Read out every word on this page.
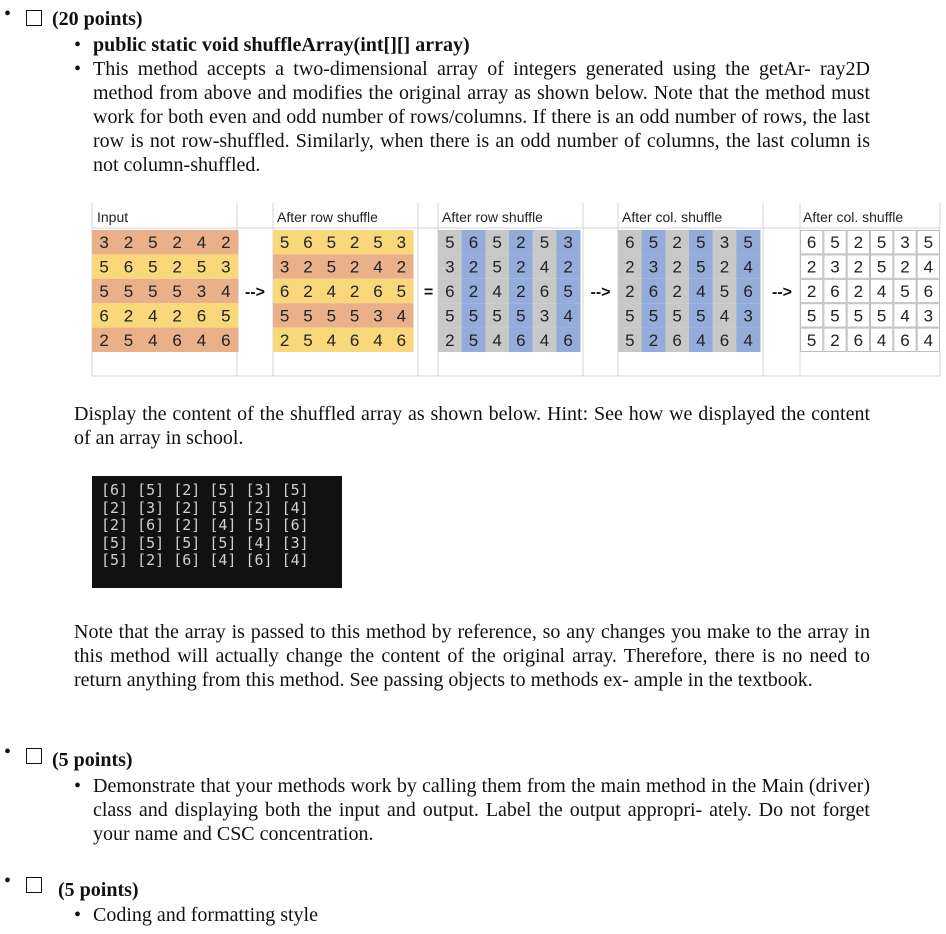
• (20 points)
• public static void shuffleArray(int[][] array)
• This method accepts a two-dimensional array of integers generated using the getAr- ray2D method from above and modifies the original array as shown below. Note that the method must work for both even and odd number of rows/columns. If there is an odd number of rows, the last row is not row-shuffled. Similarly, when there is an odd number of columns, the last column is not column-shuffled.
Input
3 2 5 2 4 2
5 6 5 2 5 3
5 5 5 5 3 4
6 2 4 2 6 5
2 5 4 6 4 6
After row shuffle
5 6 5 2 5 3
3 2 5 2 4 2
6 2 4 2 6 5
5 5 5 5 3 4
2 5 4 6 4 6
After row shuffle
5 6 5 2 5 3
3 2 5 2 4 2
6 2 4 2 6 5
5 5 5 5 3 4
2 5 4 6 4 6
After col. shuffle
6 5 2 5 3 5
2 3 2 5 2 4
2 6 2 4 5 6
5 5 5 5 4 3
5 2 6 4 6 4
After col. shuffle
6 5 2 5 3 5
2 3 2 5 2 4
2 6 2 4 5 6
5 5 5 5 4 3
5 2 6 4 6 4
-->	=	-->	-->
Display the content of the shuffled array as shown below. Hint: See how we displayed the content of an array in school.
[6] [5] [2] [5] [3] [5]
[2] [3] [2] [5] [2] [4]
[2] [6] [2] [4] [5] [6]
[5] [5] [5] [5] [4] [3]
[5] [2] [6] [4] [6] [4]
Note that the array is passed to this method by reference, so any changes you make to the array in this method will actually change the content of the original array. Therefore, there is no need to return anything from this method. See passing objects to methods ex- ample in the textbook.
• (5 points)
• Demonstrate that your methods work by calling them from the main method in the Main (driver) class and displaying both the input and output. Label the output appropri- ately. Do not forget your name and CSC concentration.
• (5 points)
• Coding and formatting style
